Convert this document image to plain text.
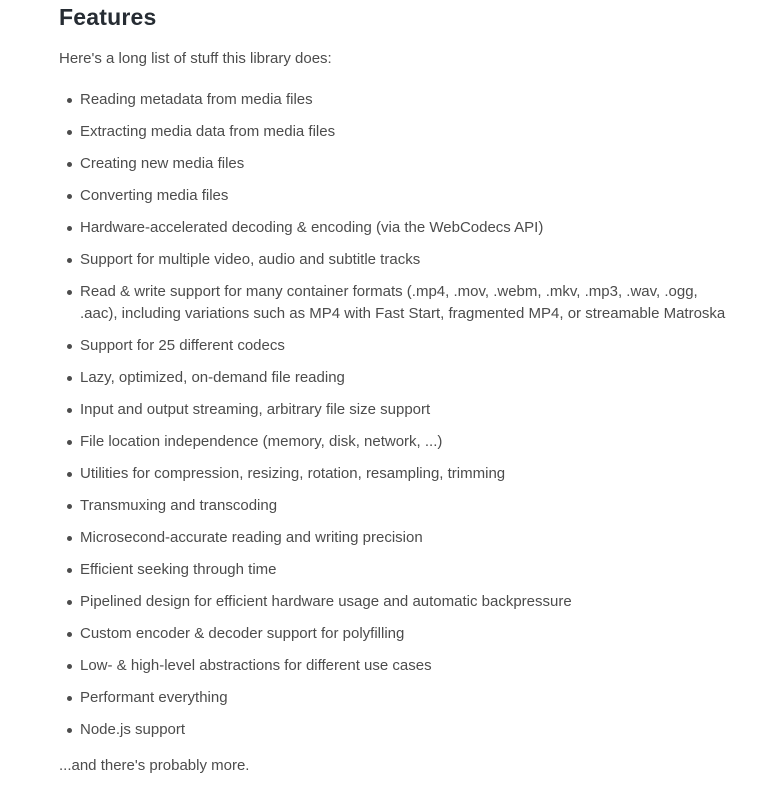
Features

Here's a long list of stuff this library does:

Reading metadata from media files
Extracting media data from media files
Creating new media files
Converting media files
Hardware-accelerated decoding & encoding (via the WebCodecs API)
Support for multiple video, audio and subtitle tracks
Read & write support for many container formats (.mp4, .mov, .webm, .mkv, .mp3, .wav, .ogg, .aac), including variations such as MP4 with Fast Start, fragmented MP4, or streamable Matroska
Support for 25 different codecs
Lazy, optimized, on-demand file reading
Input and output streaming, arbitrary file size support
File location independence (memory, disk, network, ...)
Utilities for compression, resizing, rotation, resampling, trimming
Transmuxing and transcoding
Microsecond-accurate reading and writing precision
Efficient seeking through time
Pipelined design for efficient hardware usage and automatic backpressure
Custom encoder & decoder support for polyfilling
Low- & high-level abstractions for different use cases
Performant everything
Node.js support

...and there's probably more.
